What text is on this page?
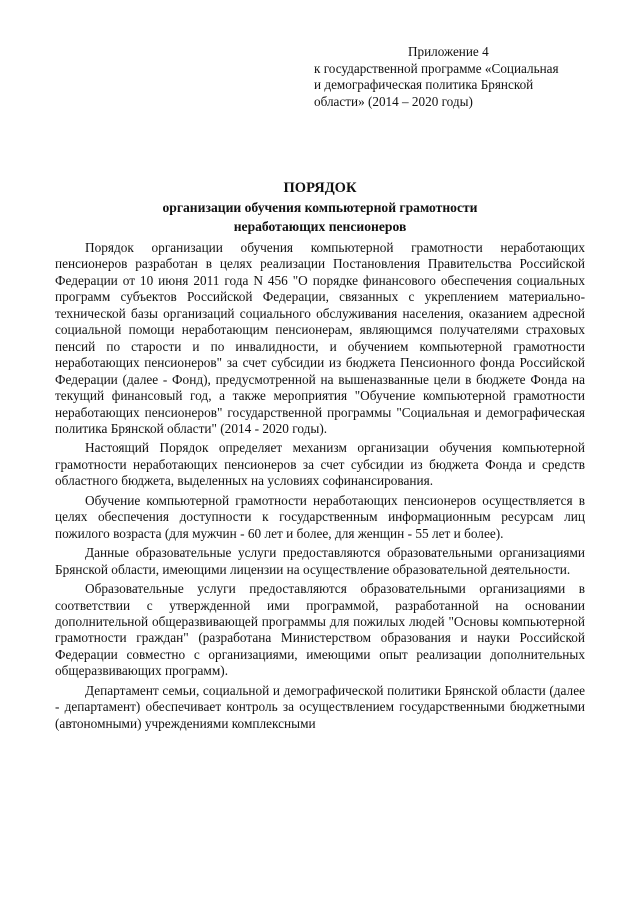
Приложение 4
к государственной программе «Социальная
и демографическая политика Брянской
области» (2014 – 2020 годы)
ПОРЯДОК
организации обучения компьютерной грамотности
неработающих пенсионеров

Порядок организации обучения компьютерной грамотности неработающих пенсионеров разработан в целях реализации Постановления Правительства Российской Федерации от 10 июня 2011 года N 456 "О порядке финансового обеспечения социальных программ субъектов Российской Федерации, связанных с укреплением материально-технической базы организаций социального обслуживания населения, оказанием адресной социальной помощи неработающим пенсионерам, являющимся получателями страховых пенсий по старости и по инвалидности, и обучением компьютерной грамотности неработающих пенсионеров" за счет субсидии из бюджета Пенсионного фонда Российской Федерации (далее - Фонд), предусмотренной на вышеназванные цели в бюджете Фонда на текущий финансовый год, а также мероприятия "Обучение компьютерной грамотности неработающих пенсионеров" государственной программы "Социальная и демографическая политика Брянской области" (2014 - 2020 годы).

Настоящий Порядок определяет механизм организации обучения компьютерной грамотности неработающих пенсионеров за счет субсидии из бюджета Фонда и средств областного бюджета, выделенных на условиях софинансирования.

Обучение компьютерной грамотности неработающих пенсионеров осуществляется в целях обеспечения доступности к государственным информационным ресурсам лиц пожилого возраста (для мужчин - 60 лет и более, для женщин - 55 лет и более).

Данные образовательные услуги предоставляются образовательными организациями Брянской области, имеющими лицензии на осуществление образовательной деятельности.

Образовательные услуги предоставляются образовательными организациями в соответствии с утвержденной ими программой, разработанной на основании дополнительной общеразвивающей программы для пожилых людей "Основы компьютерной грамотности граждан" (разработана Министерством образования и науки Российской Федерации совместно с организациями, имеющими опыт реализации дополнительных общеразвивающих программ).

Департамент семьи, социальной и демографической политики Брянской области (далее - департамент) обеспечивает контроль за осуществлением государственными бюджетными (автономными) учреждениями комплексными
